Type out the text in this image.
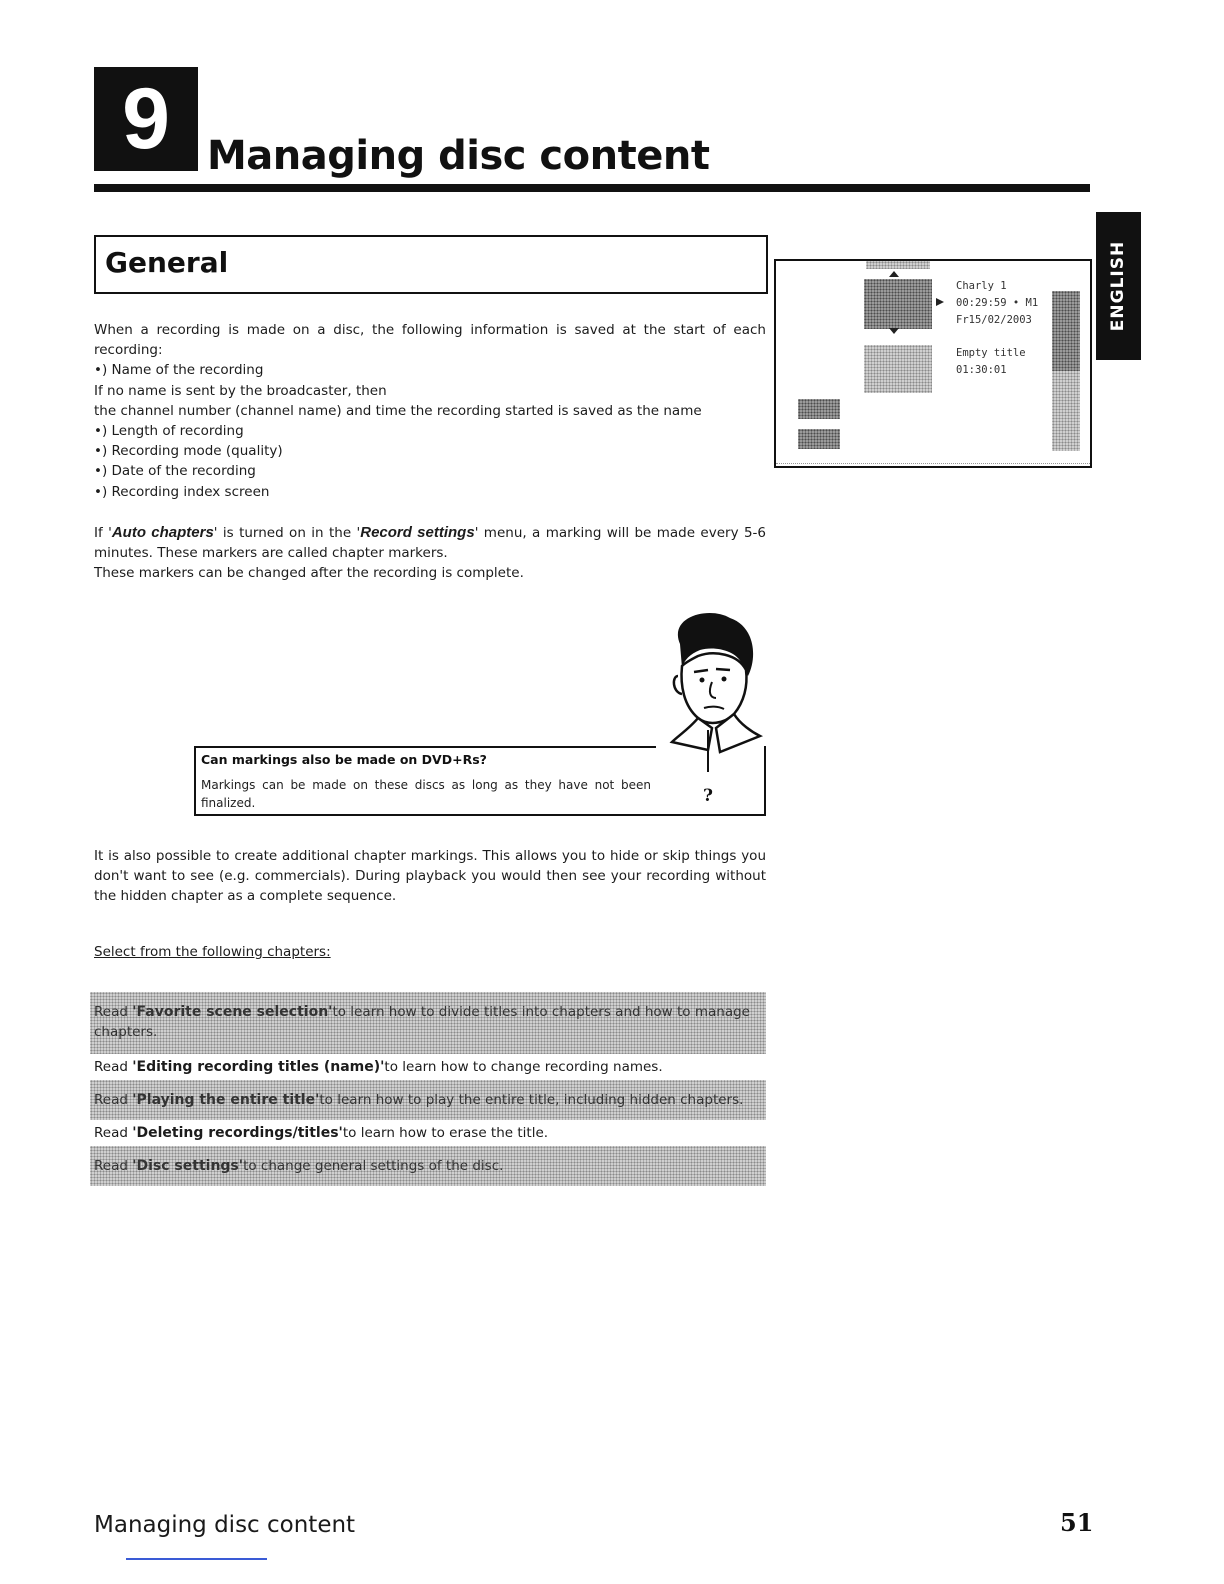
9 Managing disc content
ENGLISH
General
Charly 1
00:29:59 • M1
Fr15/02/2003
Empty title
01:30:01

When a recording is made on a disc, the following information is saved at the start of each recording:

•) Name of the recording

If no name is sent by the broadcaster, then

the channel number (channel name) and time the recording started is saved as the name

•) Length of recording

•) Recording mode (quality)

•) Date of the recording

•) Recording index screen

If 'Auto chapters' is turned on in the 'Record settings' menu, a marking will be made every 5-6 minutes. These markers are called chapter markers.

These markers can be changed after the recording is complete.

Can markings also be made on DVD+Rs?
Markings can be made on these discs as long as they have not been finalized.	?
It is also possible to create additional chapter markings. This allows you to hide or skip things you don't want to see (e.g. commercials). During playback you would then see your recording without the hidden chapter as a complete sequence.
Select from the following chapters:
Read 'Favorite scene selection'to learn how to divide titles into chapters and how to manage chapters.
Read 'Editing recording titles (name)'to learn how to change recording names.
Read 'Playing the entire title'to learn how to play the entire title, including hidden chapters.
Read 'Deleting recordings/titles'to learn how to erase the title.
Read 'Disc settings'to change general settings of the disc.
Managing disc content	51
